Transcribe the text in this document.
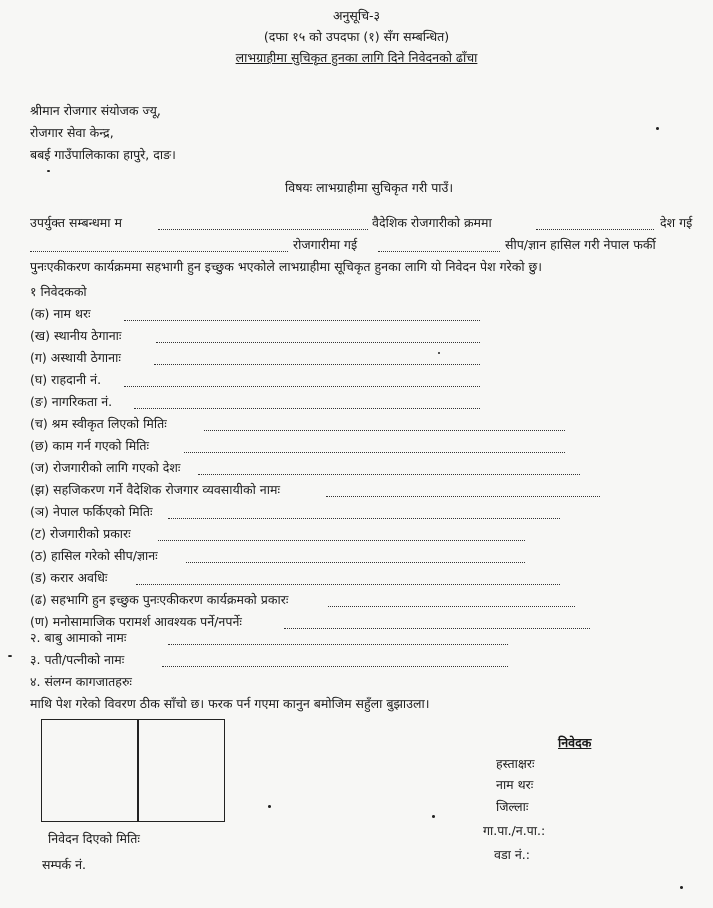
अनुसूचि-३
(दफा १५ को उपदफा (१) सँग सम्बन्धित)
लाभग्राहीमा सुचिकृत हुनका लागि दिने निवेदनको ढाँचा
श्रीमान रोजगार संयोजक ज्यू,
रोजगार सेवा केन्द्र,
बबई गाउँपालिकाका हापुरे, दाङ।
विषयः लाभग्राहीमा सुचिकृत गरी पाउँ।
उपर्युक्त सम्बन्धमा म	वैदेशिक रोजगारीको क्रममा	देश गई
रोजगारीमा गई	सीप/ज्ञान हासिल गरी नेपाल फर्की
पुनःएकीकरण कार्यक्रममा सहभागी हुन इच्छुक भएकोले लाभग्राहीमा सूचिकृत हुनका लागि यो निवेदन पेश गरेको छु।
१ निवेदकको
(क) नाम थरः
(ख) स्थानीय ठेगानाः
(ग) अस्थायी ठेगानाः
(घ) राहदानी नं.
(ङ) नागरिकता नं.
(च) श्रम स्वीकृत लिएको मितिः
(छ) काम गर्न गएको मितिः
(ज) रोजगारीको लागि गएको देशः
(झ) सहजिकरण गर्ने वैदेशिक रोजगार व्यवसायीको नामः
(ञ) नेपाल फर्किएको मितिः
(ट) रोजगारीको प्रकारः
(ठ) हासिल गरेको सीप/ज्ञानः
(ड) करार अवधिः
(ढ) सहभागि हुन इच्छुक पुनःएकीकरण कार्यक्रमको प्रकारः
(ण) मनोसामाजिक परामर्श आवश्यक पर्ने/नपर्नेः
२. बाबु आमाको नामः
३. पती/पत्नीको नामः
४. संलग्न कागजातहरुः
माथि पेश गरेको विवरण ठीक साँचो छ। फरक पर्न गएमा कानुन बमोजिम सहुँला बुझाउला।
निवेदन दिएको मितिः
सम्पर्क नं.
निवेदक
हस्ताक्षरः
नाम थरः
जिल्लाः
गा.पा./न.पा.:
वडा नं.:
